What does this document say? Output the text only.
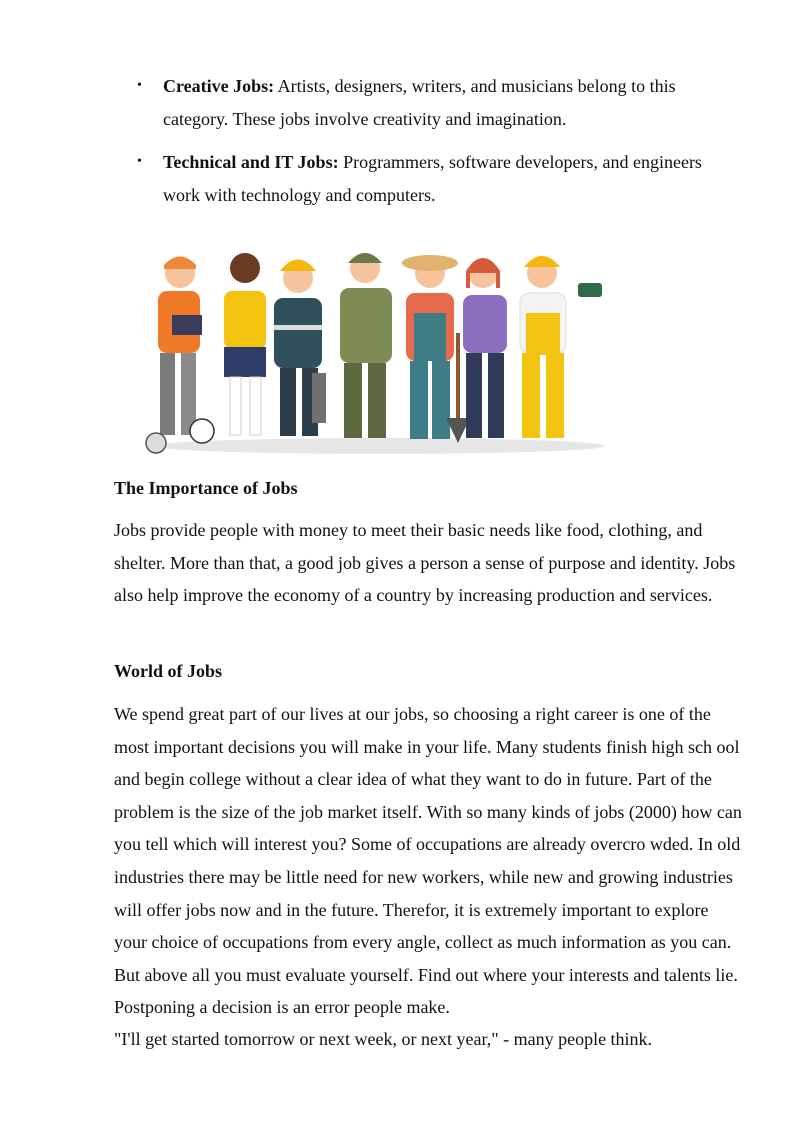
• Creative Jobs: Artists, designers, writers, and musicians belong to this category. These jobs involve creativity and imagination.
• Technical and IT Jobs: Programmers, software developers, and engineers work with technology and computers.
The Importance of Jobs

Jobs provide people with money to meet their basic needs like food, clothing, and shelter. More than that, a good job gives a person a sense of purpose and identity. Jobs also help improve the economy of a country by increasing production and services.

World of Jobs

We spend great part of our lives at our jobs, so choosing a right career is one of the most important decisions you will make in your life. Many students finish high sch ool and begin college without a clear idea of what they want to do in future. Part of the problem is the size of the job market itself. With so many kinds of jobs (2000) how can you tell which will interest you? Some of occupations are already overcro wded. In old industries there may be little need for new workers, while new and growing industries will offer jobs now and in the future. Therefor, it is extremely important to explore your choice of occupations from every angle, collect as much information as you can. But above all you must evaluate yourself. Find out where your interests and talents lie. Postponing a decision is an error people make.

"I'll get started tomorrow or next week, or next year," - many people think.
